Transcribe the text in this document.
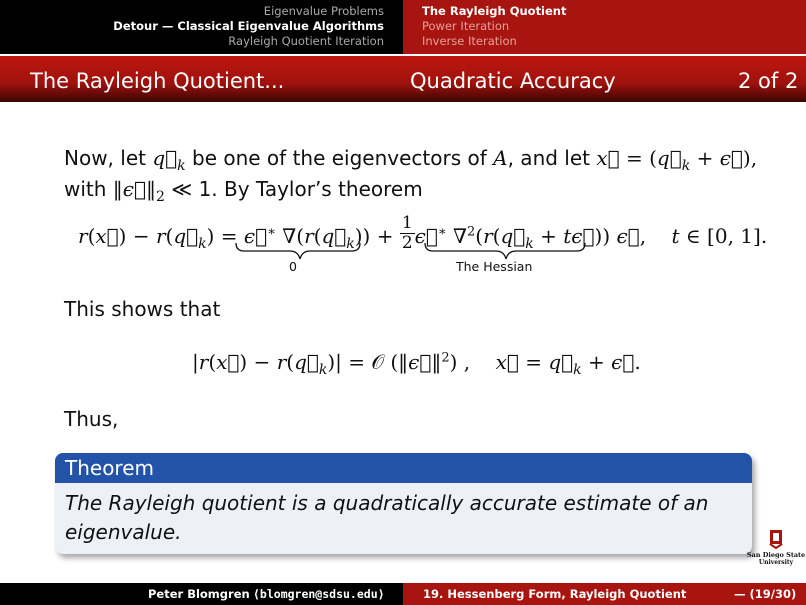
Eigenvalue Problems
Detour — Classical Eigenvalue Algorithms
Rayleigh Quotient Iteration
The Rayleigh Quotient
Power Iteration
Inverse Iteration
The Rayleigh Quotient...	Quadratic Accuracy	2 of 2
Now, let $q⃗_k$ be one of the eigenvectors of A, and let x⃗ = ($q⃗_k$ + ϵ⃗),
with $‖\epsilon⃗‖_2$ ≪ 1. By Taylor’s theorem
r(x⃗) − $r(q⃗_k)$ = ϵ⃗∗ $\nabla(r(q⃗_k)) + \frac{1}{2}$ ϵ⃗∗ $\nabla^2(r(q⃗_k$ + tϵ⃗)) ϵ⃗,    t ∈ [0, 1].
0	The Hessian
This shows that
|r(x⃗) − $r(q⃗_k)|$ = 𝒪 (‖ϵ⃗‖$^2$) ,    x⃗ = $q⃗_k$ + ϵ⃗.
Thus,
Theorem
The Rayleigh quotient is a quadratically accurate estimate of an eigenvalue.
San Diego State
University
Peter Blomgren ⟨blomgren@sdsu.edu⟩	19. Hessenberg Form, Rayleigh Quotient	— (19/30)
